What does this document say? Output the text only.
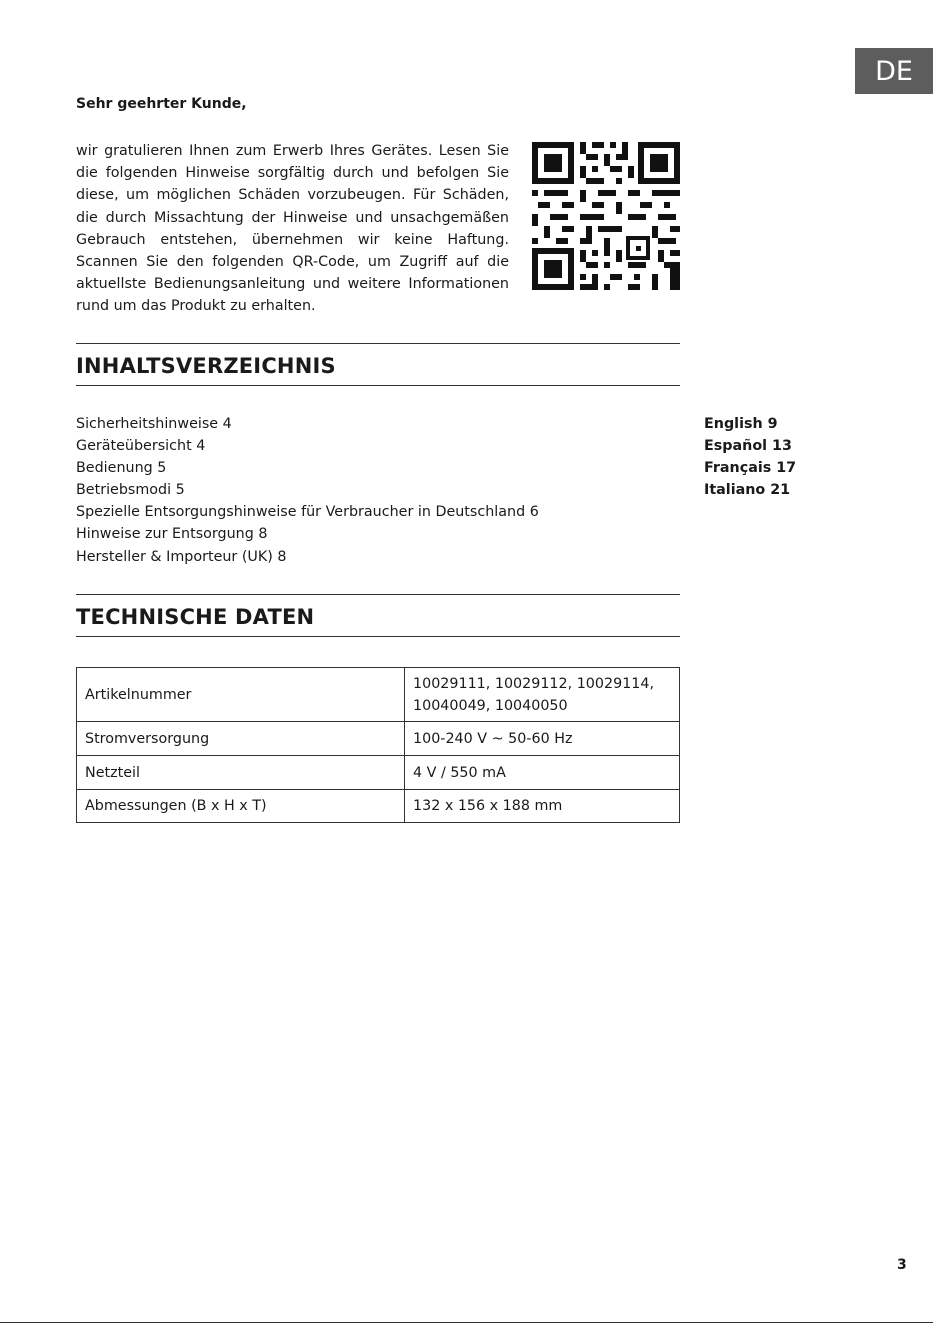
DE
Sehr geehrter Kunde,

wir gratulieren Ihnen zum Erwerb Ihres Gerätes. Lesen Sie die folgenden Hinweise sorgfältig durch und befolgen Sie diese, um möglichen Schäden vorzubeugen. Für Schäden, die durch Missachtung der Hinweise und unsachgemäßen Gebrauch entstehen, übernehmen wir keine Haftung. Scannen Sie den folgenden QR-Code, um Zugriff auf die aktuellste Bedienungsanleitung und weitere Informationen rund um das Produkt zu erhalten.

INHALTSVERZEICHNIS
Sicherheitshinweise 4
Geräteübersicht 4
Bedienung 5
Betriebsmodi 5
Spezielle Entsorgungshinweise für Verbraucher in Deutschland 6
Hinweise zur Entsorgung 8
Hersteller & Importeur (UK) 8
English 9
Español 13
Français 17
Italiano 21
TECHNISCHE DATEN
Artikelnummer	10029111, 10029112, 10029114,
10040049, 10040050

Stromversorgung	100-240 V ~ 50-60 Hz
Netzteil	4 V / 550 mA
Abmessungen (B x H x T)	132 x 156 x 188 mm
3
